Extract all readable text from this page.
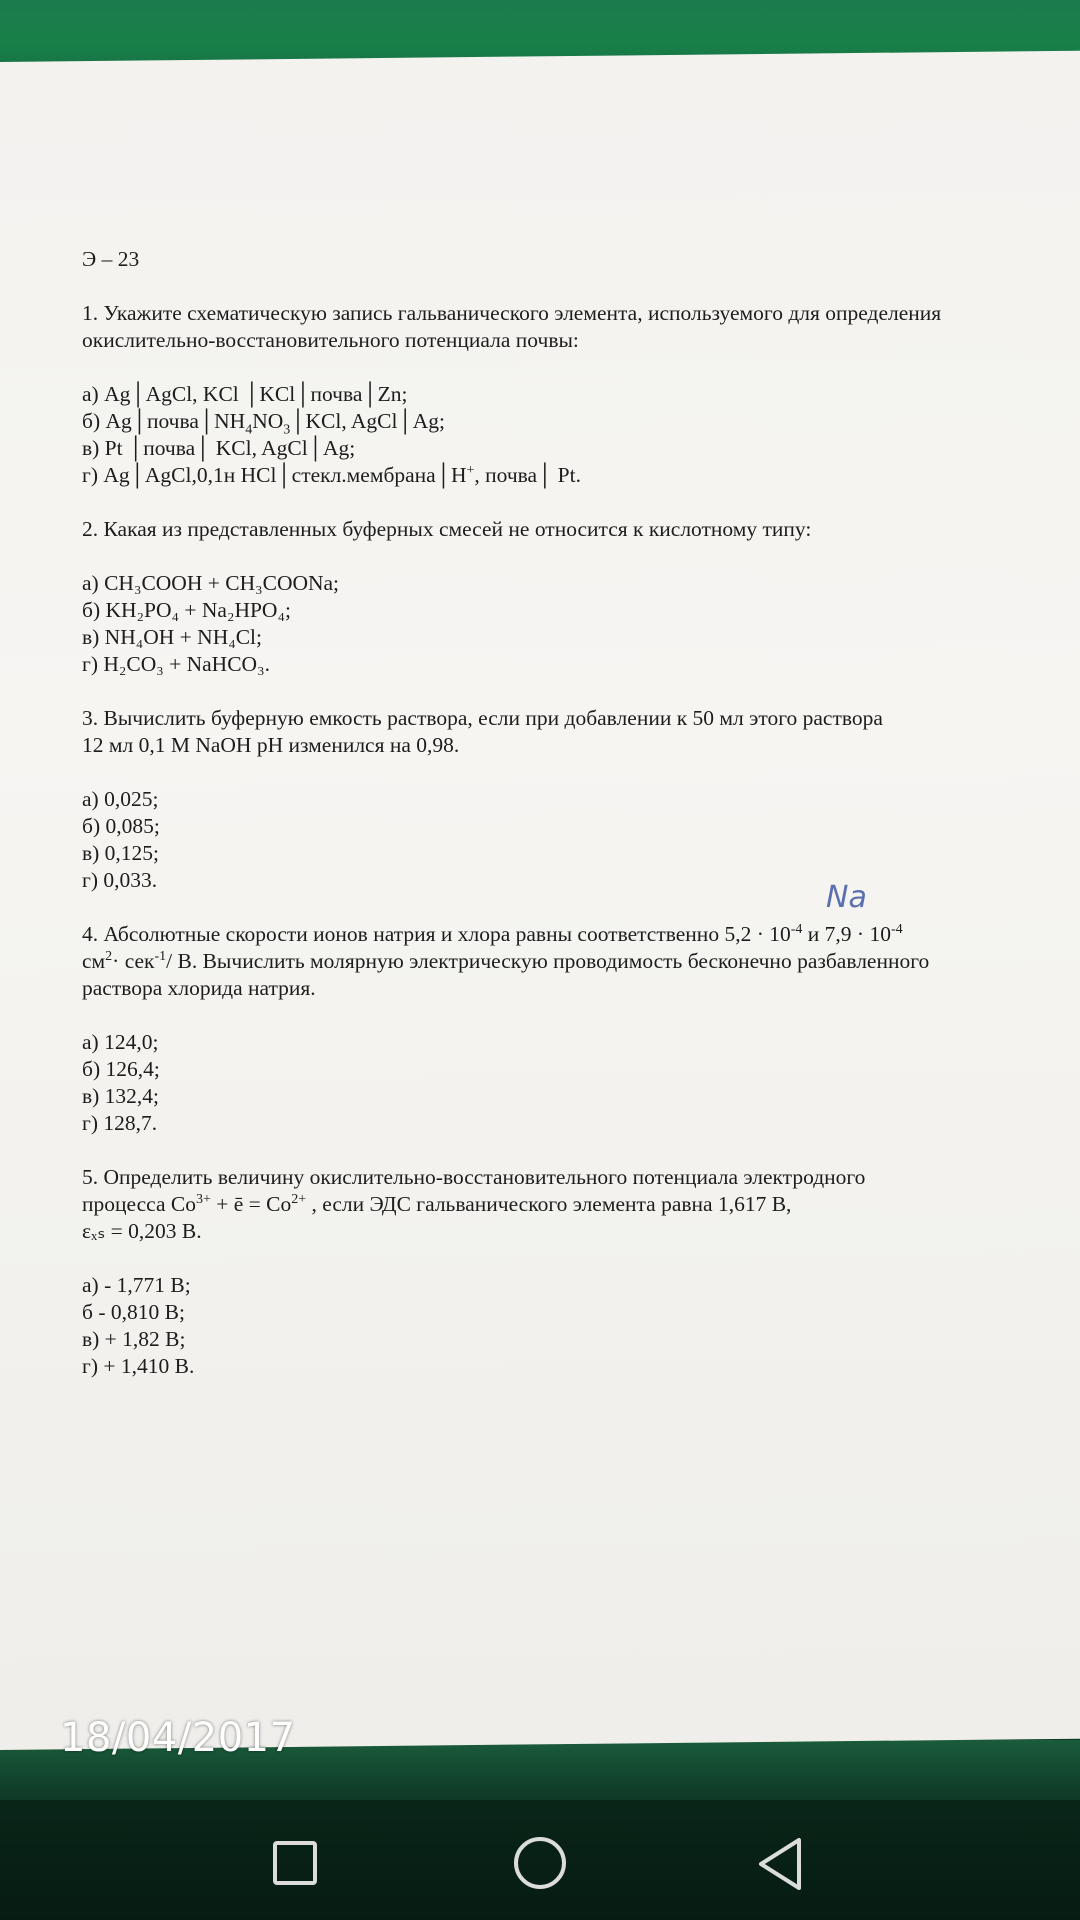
Э – 23

1. Укажите схематическую запись гальванического элемента, используемого для определения

окислительно-восстановительного потенциала почвы:

а) Ag│AgCl, KCl │KCl│почва│Zn;

б) $Ag│почва│NH_4NO_3│KCl$, AgCl│Ag;

в) Pt │почва│ KCl, AgCl│Ag;

г) Ag│AgCl,0,1н HCl│стекл.мембрана│H+, почва│ Pt.

2. Какая из представленных буферных смесей не относится к кислотному типу:

а) CH₃COOH + CH₃COONa;

б) KH₂PO₄ + Na₂HPO₄;

в) NH₄OH + NH₄Cl;

г) H₂CO₃ + NaHCO₃.

3. Вычислить буферную емкость раствора, если при добавлении к 50 мл этого раствора

12 мл 0,1 М NaOH pH изменился на 0,98.

а) 0,025;

б) 0,085;

в) 0,125;

г) 0,033.

4. Абсолютные скорости ионов натрия и хлора равны соответственно $5,2 \cdot 10^{-4}$ и $7,9 \cdot 10^{-4}$

$см^2\cdot сек^{-1}/$ В. Вычислить молярную электрическую проводимость бесконечно разбавленного

раствора хлорида натрия.

а) 124,0;

б) 126,4;

в) 132,4;

г) 128,7.

5. Определить величину окислительно-восстановительного потенциала электродного

процесса $Co^{3+}$ + ē = $Co^{2+}$ , если ЭДС гальванического элемента равна 1,617 В,

εₓₛ = 0,203 В.

а) - 1,771 В;

б - 0,810 В;

в) + 1,82 В;

г) + 1,410 В.

Na
18/04/2017
